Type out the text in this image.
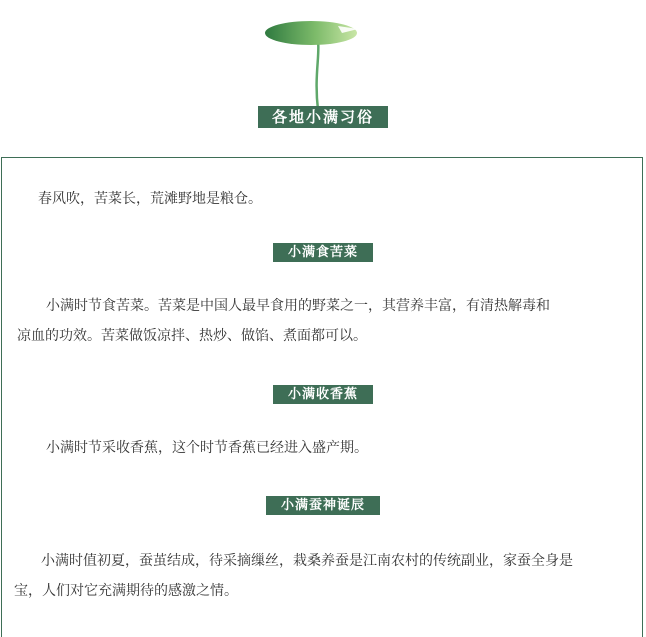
各地小满习俗
春风吹，苦菜长，荒滩野地是粮仓。
小满食苦菜
小满时节食苦菜。苦菜是中国人最早食用的野菜之一，其营养丰富，有清热解毒和
凉血的功效。苦菜做饭凉拌、热炒、做馅、煮面都可以。
小满收香蕉
小满时节采收香蕉，这个时节香蕉已经进入盛产期。
小满蚕神诞辰
小满时值初夏，蚕茧结成，待采摘缫丝，栽桑养蚕是江南农村的传统副业，家蚕全身是
宝，人们对它充满期待的感激之情。
